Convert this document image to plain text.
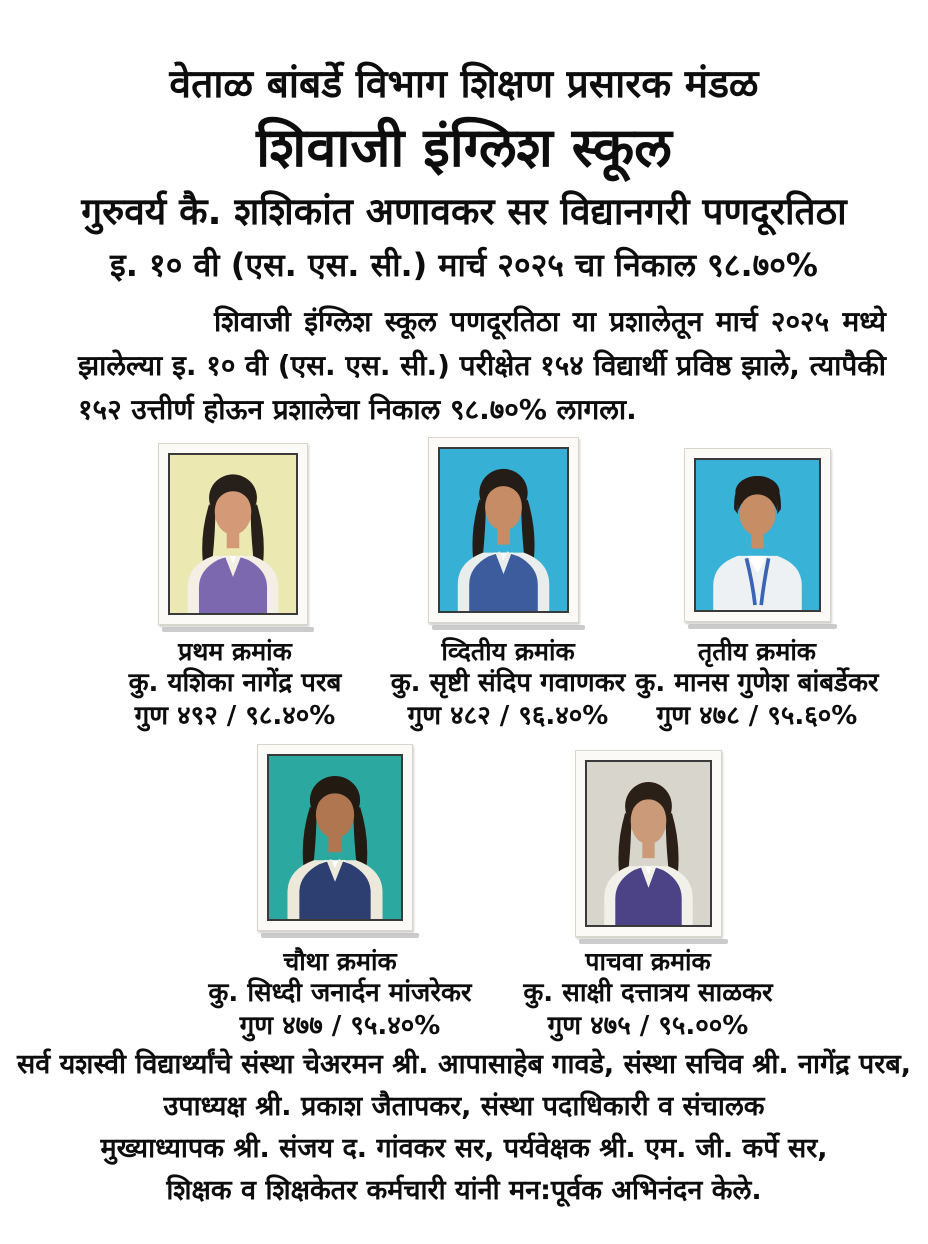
वेताळ बांबर्डे विभाग शिक्षण प्रसारक मंडळ
शिवाजी इंग्लिश स्कूल
गुरुवर्य कै. शशिकांत अणावकर सर विद्यानगरी पणदूरतिठा
इ. १० वी (एस. एस. सी.) मार्च २०२५ चा निकाल ९८.७०%

शिवाजी इंग्लिश स्कूल पणदूरतिठा या प्रशालेतून मार्च २०२५ मध्ये झालेल्या इ. १० वी (एस. एस. सी.) परीक्षेत १५४ विद्यार्थी प्रविष्ठ झाले, त्यापैकी १५२ उत्तीर्ण होऊन प्रशालेचा निकाल ९८.७०% लागला.

प्रथम क्रमांक
कु. यशिका नागेंद्र परब
गुण ४९२ / ९८.४०%
व्दितीय क्रमांक
कु. सृष्टी संदिप गवाणकर
गुण ४८२ / ९६.४०%
तृतीय क्रमांक
कु. मानस गुणेश बांबर्डेकर
गुण ४७८ / ९५.६०%
चौथा क्रमांक
कु. सिध्दी जनार्दन मांजरेकर
गुण ४७७ / ९५.४०%
पाचवा क्रमांक
कु. साक्षी दत्तात्रय साळकर
गुण ४७५ / ९५.००%
सर्व यशस्वी विद्यार्थ्यांचे संस्था चेअरमन श्री. आपासाहेब गावडे, संस्था सचिव श्री. नागेंद्र परब,
उपाध्यक्ष श्री. प्रकाश जैतापकर, संस्था पदाधिकारी व संचालक
मुख्याध्यापक श्री. संजय द. गांवकर सर, पर्यवेक्षक श्री. एम. जी. कर्पे सर,
शिक्षक व शिक्षकेतर कर्मचारी यांनी मन:पूर्वक अभिनंदन केले.
